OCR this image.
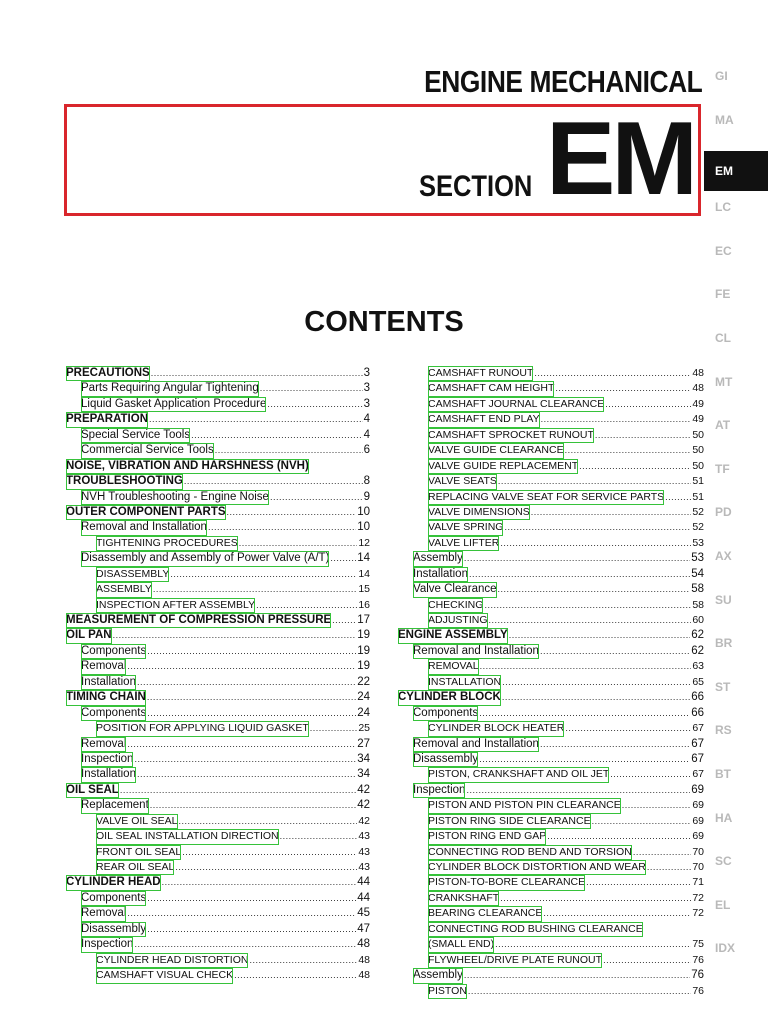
ENGINE MECHANICAL
SECTION EM
GI
MA
EM
LC
EC
FE
CL
MT
AT
TF
PD
AX
SU
BR
ST
RS
BT
HA
SC
EL
IDX
CONTENTS
PRECAUTIONS .....	3
Parts Requiring Angular Tightening .....	3
Liquid Gasket Application Procedure .....	3
PREPARATION .....	4
Special Service Tools .....	4
Commercial Service Tools .....	6
NOISE, VIBRATION AND HARSHNESS (NVH)
TROUBLESHOOTING .....	8
NVH Troubleshooting - Engine Noise .....	9
OUTER COMPONENT PARTS .....	10
Removal and Installation .....	10
TIGHTENING PROCEDURES .....	12
Disassembly and Assembly of Power Valve (A/T) ..... 14
DISASSEMBLY .....	14
ASSEMBLY .....	15
INSPECTION AFTER ASSEMBLY .....	16
MEASUREMENT OF COMPRESSION PRESSURE ..... 17
OIL PAN .....	19
Components .....	19
Removal .....	19
Installation .....	22
TIMING CHAIN .....	24
Components .....	24
POSITION FOR APPLYING LIQUID GASKET .....	25
Removal .....	27
Inspection .....	34
Installation .....	34
OIL SEAL .....	42
Replacement .....	42
VALVE OIL SEAL .....	42
OIL SEAL INSTALLATION DIRECTION .....	43
FRONT OIL SEAL .....	43
REAR OIL SEAL .....	43
CYLINDER HEAD .....	44
Components .....	44
Removal .....	45
Disassembly .....	47
Inspection .....	48
CYLINDER HEAD DISTORTION .....	48
CAMSHAFT VISUAL CHECK .....	48
CAMSHAFT RUNOUT .....	48
CAMSHAFT CAM HEIGHT .....	48
CAMSHAFT JOURNAL CLEARANCE .....	49
CAMSHAFT END PLAY .....	49
CAMSHAFT SPROCKET RUNOUT .....	50
VALVE GUIDE CLEARANCE .....	50
VALVE GUIDE REPLACEMENT .....	50
VALVE SEATS .....	51
REPLACING VALVE SEAT FOR SERVICE PARTS .....	51
VALVE DIMENSIONS .....	52
VALVE SPRING .....	52
VALVE LIFTER .....	53
Assembly .....	53
Installation .....	54
Valve Clearance .....	58
CHECKING .....	58
ADJUSTING .....	60
ENGINE ASSEMBLY .....	62
Removal and Installation .....	62
REMOVAL .....	63
INSTALLATION .....	65
CYLINDER BLOCK .....	66
Components .....	66
CYLINDER BLOCK HEATER .....	67
Removal and Installation .....	67
Disassembly .....	67
PISTON, CRANKSHAFT AND OIL JET .....	67
Inspection .....	69
PISTON AND PISTON PIN CLEARANCE .....	69
PISTON RING SIDE CLEARANCE .....	69
PISTON RING END GAP .....	69
CONNECTING ROD BEND AND TORSION .....	70
CYLINDER BLOCK DISTORTION AND WEAR .....	70
PISTON-TO-BORE CLEARANCE .....	71
CRANKSHAFT .....	72
BEARING CLEARANCE .....	72
CONNECTING ROD BUSHING CLEARANCE
(SMALL END) .....	75
FLYWHEEL/DRIVE PLATE RUNOUT .....	76
Assembly .....	76
PISTON .....	76
